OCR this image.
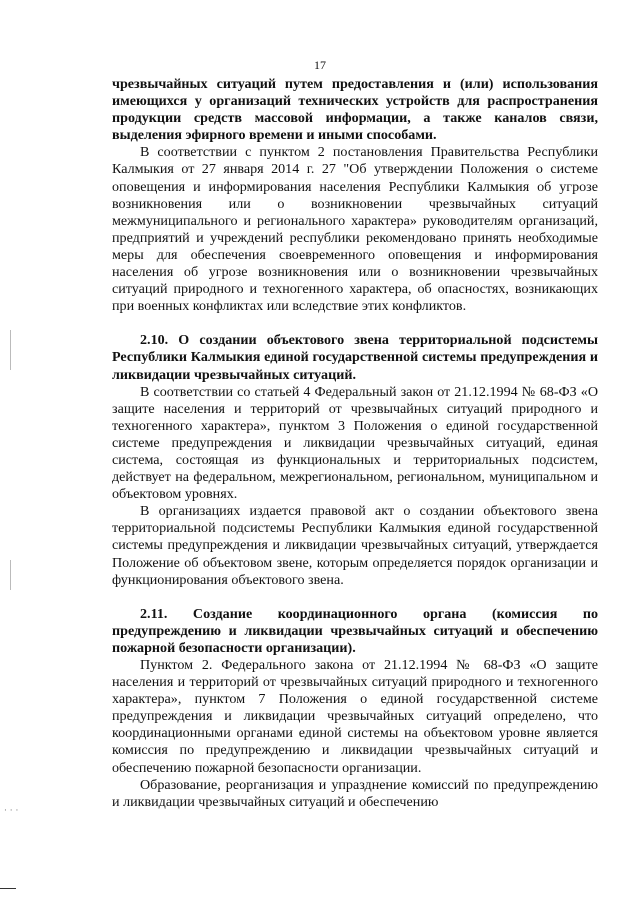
17

чрезвычайных ситуаций путем предоставления и (или) использования имеющихся у организаций технических устройств для распространения продукции средств массовой информации, а также каналов связи, выделения эфирного времени и иными способами.

В соответствии с пунктом 2 постановления Правительства Республики Калмыкия от 27 января 2014 г. 27 "Об утверждении Положения о системе оповещения и информирования населения Республики Калмыкия об угрозе возникновения или о возникновении чрезвычайных ситуаций межмуниципального и регионального характера» руководителям организаций, предприятий и учреждений республики рекомендовано принять необходимые меры для обеспечения своевременного оповещения и информирования населения об угрозе возникновения или о возникновении чрезвычайных ситуаций природного и техногенного характера, об опасностях, возникающих при военных конфликтах или вследствие этих конфликтов.

2.10. О создании объектового звена территориальной подсистемы Республики Калмыкия единой государственной системы предупреждения и ликвидации чрезвычайных ситуаций.

В соответствии со статьей 4 Федеральный закон от 21.12.1994 № 68-ФЗ «О защите населения и территорий от чрезвычайных ситуаций природного и техногенного характера», пунктом 3 Положения о единой государственной системе предупреждения и ликвидации чрезвычайных ситуаций, единая система, состоящая из функциональных и территориальных подсистем, действует на федеральном, межрегиональном, региональном, муниципальном и объектовом уровнях.

В организациях издается правовой акт о создании объектового звена территориальной подсистемы Республики Калмыкия единой государственной системы предупреждения и ликвидации чрезвычайных ситуаций, утверждается Положение об объектовом звене, которым определяется порядок организации и функционирования объектового звена.

2.11. Создание координационного органа (комиссия по предупреждению и ликвидации чрезвычайных ситуаций и обеспечению пожарной безопасности организации).

Пунктом 2. Федерального закона от 21.12.1994 № 68-ФЗ «О защите населения и территорий от чрезвычайных ситуаций природного и техногенного характера», пунктом 7 Положения о единой государственной системе предупреждения и ликвидации чрезвычайных ситуаций определено, что координационными органами единой системы на объектовом уровне является комиссия по предупреждению и ликвидации чрезвычайных ситуаций и обеспечению пожарной безопасности организации.

Образование, реорганизация и упразднение комиссий по предупреждению и ликвидации чрезвычайных ситуаций и обеспечению

· · ·
